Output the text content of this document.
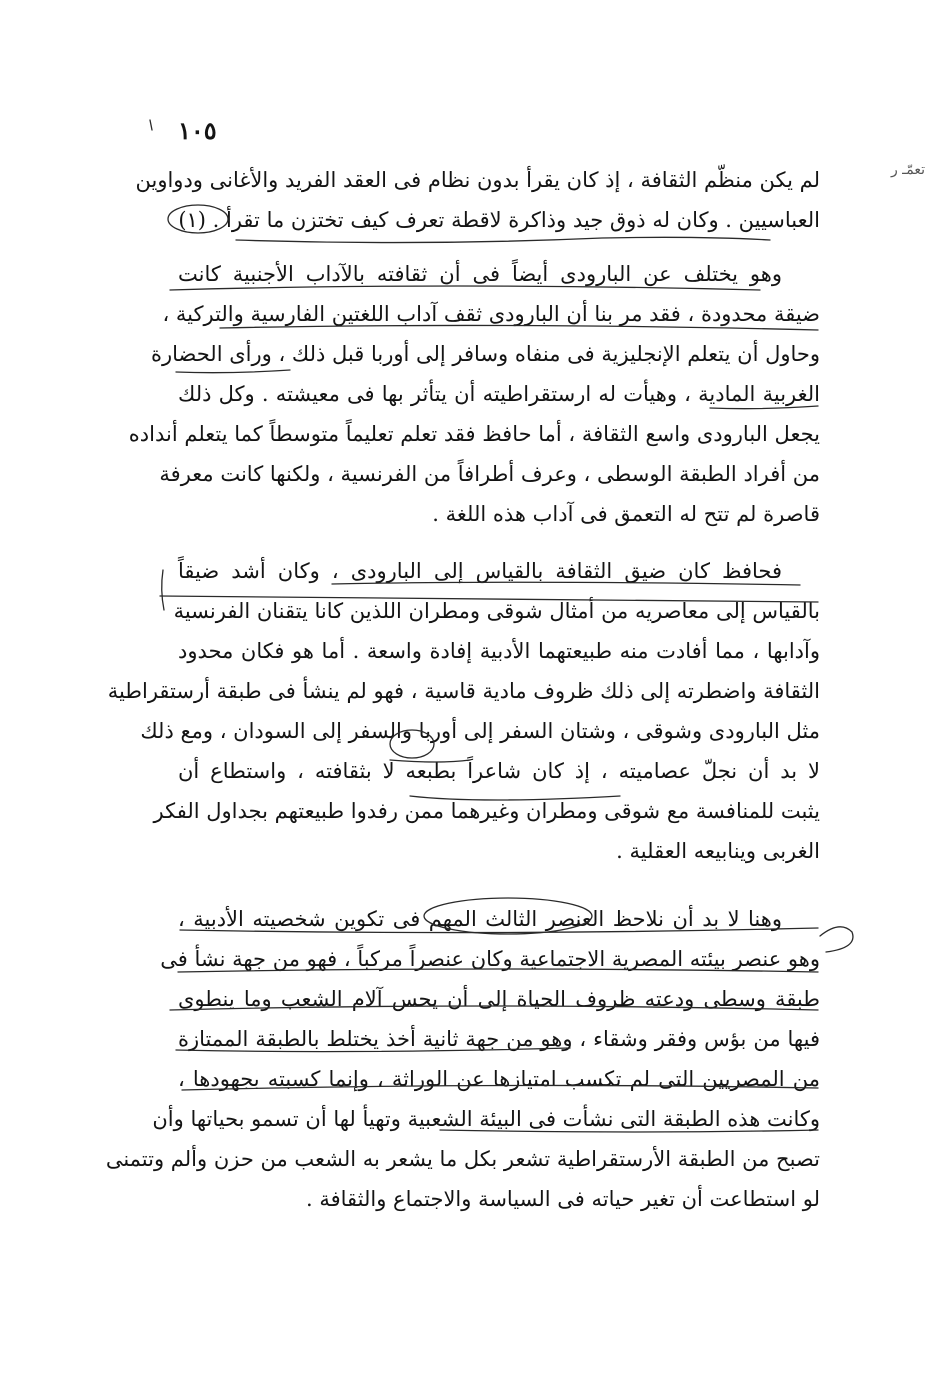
١٠٥
تعمّـ ر
لم يكن منظّم الثقافة ، إذ كان يقرأ بدون نظام فى العقد الفريد والأغانى ودواوين
العباسيين . وكان له ذوق جيد وذاكرة لاقطة تعرف كيف تختزن ما تقرأ . (١)
وهو يختلف عن البارودى أيضاً فى أن ثقافته بالآداب الأجنبية كانت
ضيقة محدودة ، فقد مر بنا أن البارودى ثقف آداب اللغتين الفارسية والتركية ،
وحاول أن يتعلم الإنجليزية فى منفاه وسافر إلى أوربا قبل ذلك ، ورأى الحضارة
الغربية المادية ، وهيأت له ارستقراطيته أن يتأثر بها فى معيشته . وكل ذلك
يجعل البارودى واسع الثقافة ، أما حافظ فقد تعلم تعليماً متوسطاً كما يتعلم أنداده
من أفراد الطبقة الوسطى ، وعرف أطرافاً من الفرنسية ، ولكنها كانت معرفة
قاصرة لم تتح له التعمق فى آداب هذه اللغة .
فحافظ كان ضيق الثقافة بالقياس إلى البارودى ، وكان أشد ضيقاً
بالقياس إلى معاصريه من أمثال شوقى ومطران اللذين كانا يتقنان الفرنسية
وآدابها ، مما أفادت منه طبيعتهما الأدبية إفادة واسعة . أما هو فكان محدود
الثقافة واضطرته إلى ذلك ظروف مادية قاسية ، فهو لم ينشأ فى طبقة أرستقراطية
مثل البارودى وشوقى ، وشتان السفر إلى أوربا والسفر إلى السودان ، ومع ذلك
لا بد أن نجلّ عصاميته ، إذ كان شاعراً بطبعه لا بثقافته ، واستطاع أن
يثبت للمنافسة مع شوقى ومطران وغيرهما ممن رفدوا طبيعتهم بجداول الفكر
الغربى وينابيعه العقلية .
وهنا لا بد أن نلاحظ العنصر الثالث المهم فى تكوين شخصيته الأدبية ،
وهو عنصر بيئته المصرية الاجتماعية وكان عنصراً مركباً ، فهو من جهة نشأ فى
طبقة وسطى ودعته ظروف الحياة إلى أن يحس آلام الشعب وما ينطوى
فيها من بؤس وفقر وشقاء ، وهو من جهة ثانية أخذ يختلط بالطبقة الممتازة
من المصريين التى لم تكسب امتيازها عن الوراثة ، وإنما كسبته بجهودها ،
وكانت هذه الطبقة التى نشأت فى البيئة الشعبية وتهيأ لها أن تسمو بحياتها وأن
تصبح من الطبقة الأرستقراطية تشعر بكل ما يشعر به الشعب من حزن وألم وتتمنى
لو استطاعت أن تغير حياته فى السياسة والاجتماع والثقافة .
